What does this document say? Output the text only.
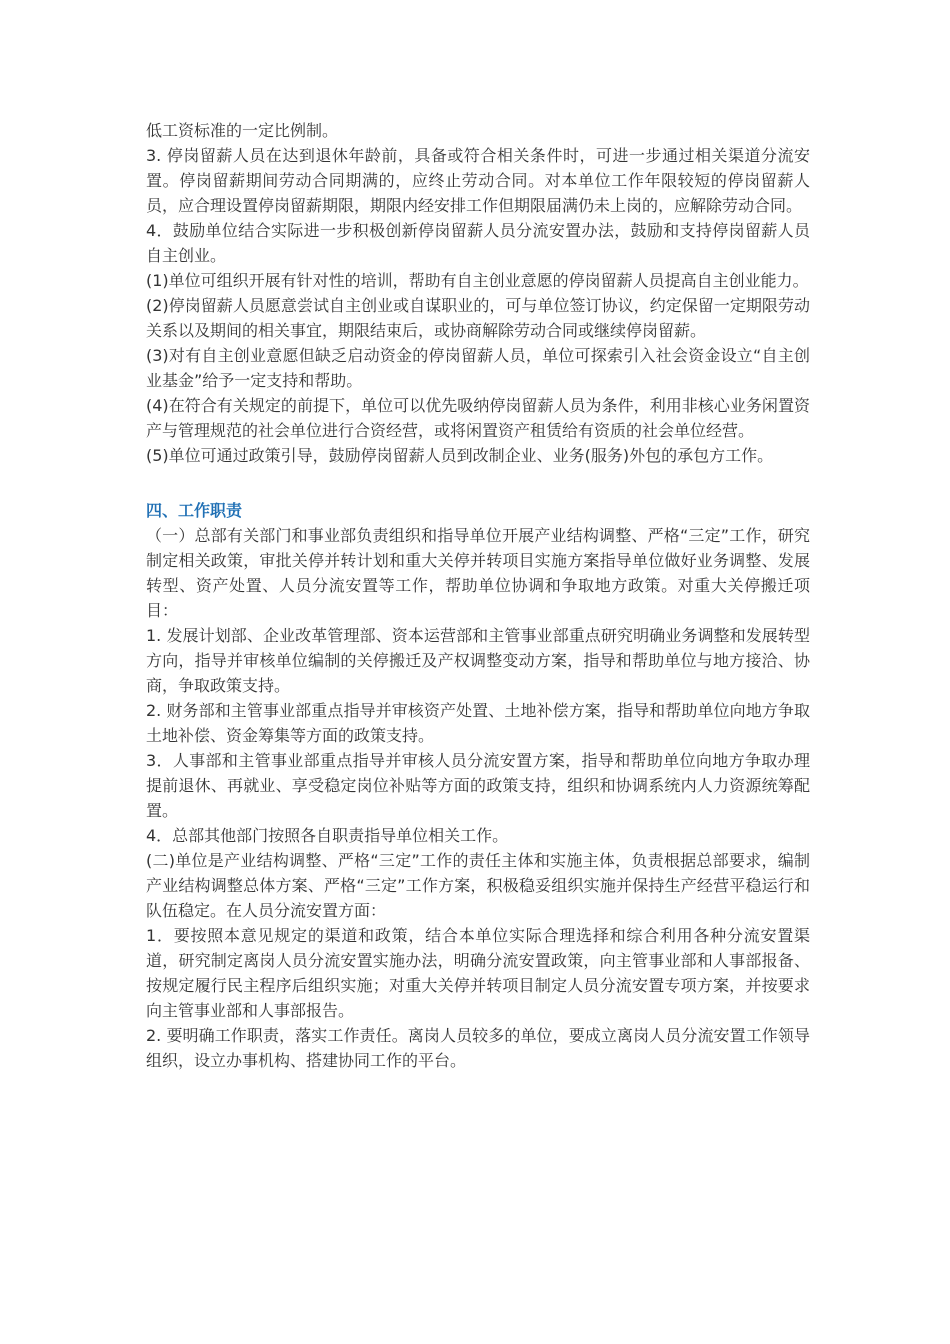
低工资标准的一定比例制。

3. 停岗留薪人员在达到退休年龄前，具备或符合相关条件时，可进一步通过相关渠道分流安置。停岗留薪期间劳动合同期满的，应终止劳动合同。对本单位工作年限较短的停岗留薪人员，应合理设置停岗留薪期限，期限内经安排工作但期限届满仍未上岗的，应解除劳动合同。

4．鼓励单位结合实际进一步积极创新停岗留薪人员分流安置办法，鼓励和支持停岗留薪人员自主创业。

(1)单位可组织开展有针对性的培训，帮助有自主创业意愿的停岗留薪人员提高自主创业能力。

(2)停岗留薪人员愿意尝试自主创业或自谋职业的，可与单位签订协议，约定保留一定期限劳动关系以及期间的相关事宜，期限结束后，或协商解除劳动合同或继续停岗留薪。

(3)对有自主创业意愿但缺乏启动资金的停岗留薪人员，单位可探索引入社会资金设立“自主创业基金”给予一定支持和帮助。

(4)在符合有关规定的前提下，单位可以优先吸纳停岗留薪人员为条件，利用非核心业务闲置资产与管理规范的社会单位进行合资经营，或将闲置资产租赁给有资质的社会单位经营。

(5)单位可通过政策引导，鼓励停岗留薪人员到改制企业、业务(服务)外包的承包方工作。

四、工作职责

（一）总部有关部门和事业部负责组织和指导单位开展产业结构调整、严格“三定”工作，研究制定相关政策，审批关停并转计划和重大关停并转项目实施方案指导单位做好业务调整、发展转型、资产处置、人员分流安置等工作，帮助单位协调和争取地方政策。对重大关停搬迁项目：

1. 发展计划部、企业改革管理部、资本运营部和主管事业部重点研究明确业务调整和发展转型方向，指导并审核单位编制的关停搬迁及产权调整变动方案，指导和帮助单位与地方接洽、协商，争取政策支持。

2. 财务部和主管事业部重点指导并审核资产处置、土地补偿方案，指导和帮助单位向地方争取土地补偿、资金筹集等方面的政策支持。

3．人事部和主管事业部重点指导并审核人员分流安置方案，指导和帮助单位向地方争取办理提前退休、再就业、享受稳定岗位补贴等方面的政策支持，组织和协调系统内人力资源统筹配置。

4．总部其他部门按照各自职责指导单位相关工作。

(二)单位是产业结构调整、严格“三定”工作的责任主体和实施主体，负责根据总部要求，编制产业结构调整总体方案、严格“三定”工作方案，积极稳妥组织实施并保持生产经营平稳运行和队伍稳定。在人员分流安置方面：

1．要按照本意见规定的渠道和政策，结合本单位实际合理选择和综合利用各种分流安置渠道，研究制定离岗人员分流安置实施办法，明确分流安置政策，向主管事业部和人事部报备、按规定履行民主程序后组织实施；对重大关停并转项目制定人员分流安置专项方案，并按要求向主管事业部和人事部报告。

2. 要明确工作职责，落实工作责任。离岗人员较多的单位，要成立离岗人员分流安置工作领导组织，设立办事机构、搭建协同工作的平台。
